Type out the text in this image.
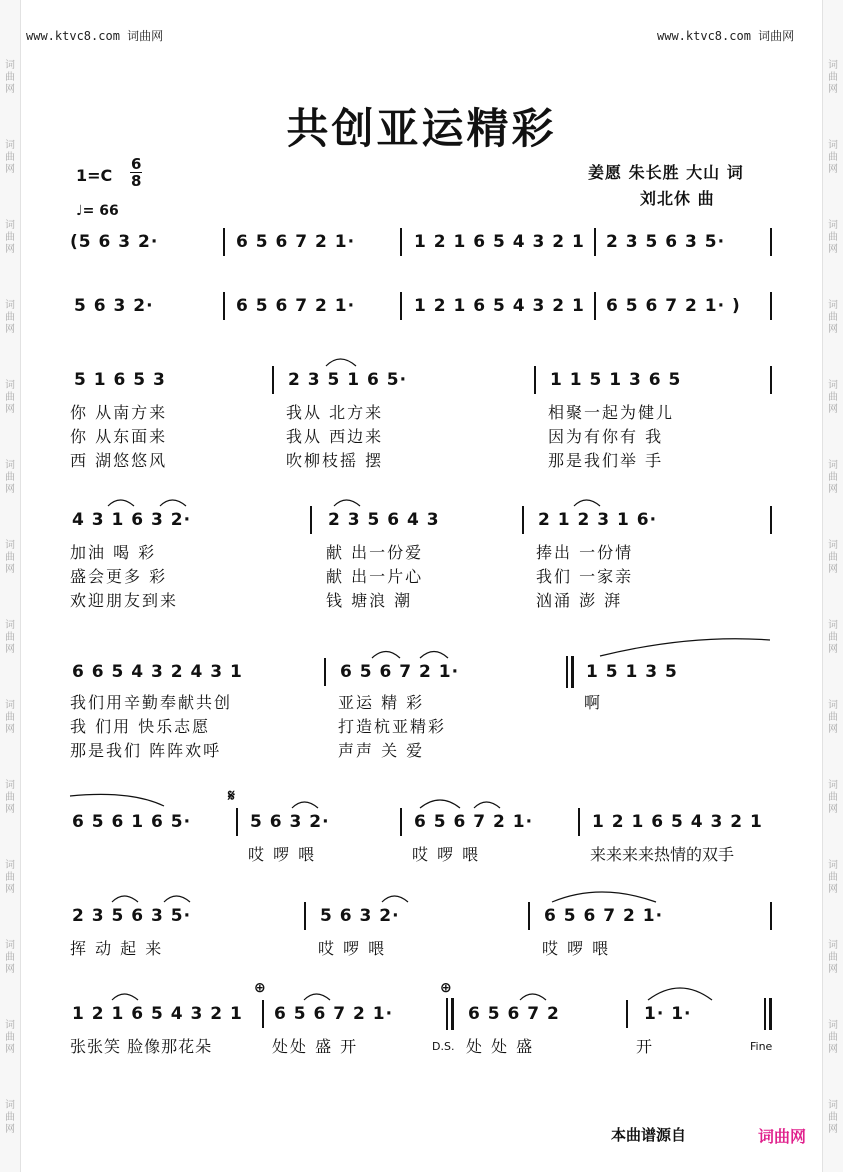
词曲网
词曲网
词曲网
词曲网
词曲网
词曲网
词曲网
词曲网
词曲网
词曲网
词曲网
词曲网
词曲网
词曲网
词曲网
词曲网
词曲网
词曲网
词曲网
词曲网
词曲网
词曲网
词曲网
词曲网
词曲网
词曲网
词曲网
词曲网
www.ktvc8.com 词曲网	www.ktvc8.com 词曲网
共创亚运精彩
1=C
6
8
♩= 66
姜愿 朱长胜 大山 词
刘北休 曲
(5 6 3 2·	6 5 6 7 2 1·	1 2 1 6 5 4 3 2 1 2 3 5 6 3 5·
5 6 3 2·	6 5 6 7 2 1·	1 2 1 6 5 4 3 2 1 6 5 6 7 2 1· )
5 1 6 5 3	2 3 5 1 6 5·	1 1 5 1 3 6 5
你 从南方来	我从 北方来	相聚一起为健儿
你 从东面来	我从 西边来	因为有你有 我
西 湖悠悠风	吹柳枝摇 摆	那是我们举 手
4 3 1 6 3 2·	2 3 5 6 4 3	2 1 2 3 1 6·
加油 喝 彩	献 出一份爱	捧出 一份情
盛会更多 彩	献 出一片心	我们 一家亲
欢迎朋友到来	钱 塘浪 潮	汹涌 澎 湃
6 6 5 4 3 2 4 3 1	6 5 6 7 2 1·	1 5 1 3 5
我们用辛勤奉献共创	亚运 精 彩	啊
我 们用 快乐志愿	打造杭亚精彩
那是我们 阵阵欢呼	声声 关 爱
𝄋
6 5 6 1 6 5·	5 6 3 2·	6 5 6 7 2 1·	1 2 1 6 5 4 3 2 1
哎 啰 喂	哎 啰 喂	来来来来热情的双手
2 3 5 6 3 5·	5 6 3 2·	6 5 6 7 2 1·
挥 动 起 来	哎 啰 喂	哎 啰 喂
⊕	⊕
1 2 1 6 5 4 3 2 1 6 5 6 7 2 1·	6 5 6 7 2	1· 1·
张张笑 脸像那花朵	处处 盛 开	D.S. 处 处 盛	开	Fine
本曲谱源自	词曲网
